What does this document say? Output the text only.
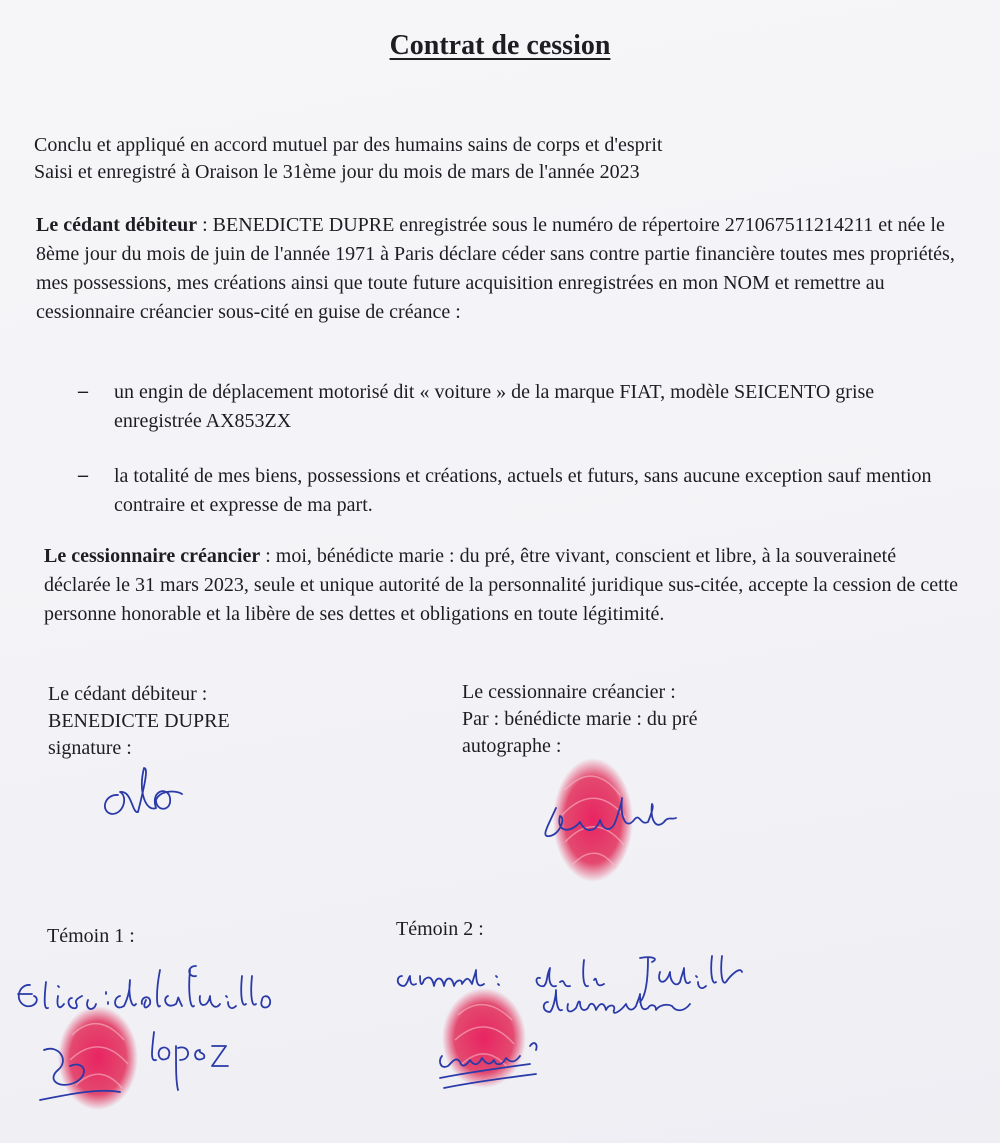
Contrat de cession
Conclu et appliqué en accord mutuel par des humains sains de corps et d'esprit
Saisi et enregistré à Oraison le 31ème jour du mois de mars de l'année 2023
Le cédant débiteur : BENEDICTE DUPRE enregistrée sous le numéro de répertoire 271067511214211 et née le 8ème jour du mois de juin de l'année 1971 à Paris déclare céder sans contre partie financière toutes mes propriétés, mes possessions, mes créations ainsi que toute future acquisition enregistrées en mon NOM et remettre au cessionnaire créancier sous-cité en guise de créance :
– un engin de déplacement motorisé dit « voiture » de la marque FIAT, modèle SEICENTO grise enregistrée AX853ZX
– la totalité de mes biens, possessions et créations, actuels et futurs, sans aucune exception sauf mention contraire et expresse de ma part.
Le cessionnaire créancier : moi, bénédicte marie : du pré, être vivant, conscient et libre, à la souveraineté déclarée le 31 mars 2023, seule et unique autorité de la personnalité juridique sus-citée, accepte la cession de cette personne honorable et la libère de ses dettes et obligations en toute légitimité.
Le cédant débiteur :
BENEDICTE DUPRE
signature :
Le cessionnaire créancier :
Par : bénédicte marie : du pré
autographe :
Témoin 1 :	Témoin 2 :
